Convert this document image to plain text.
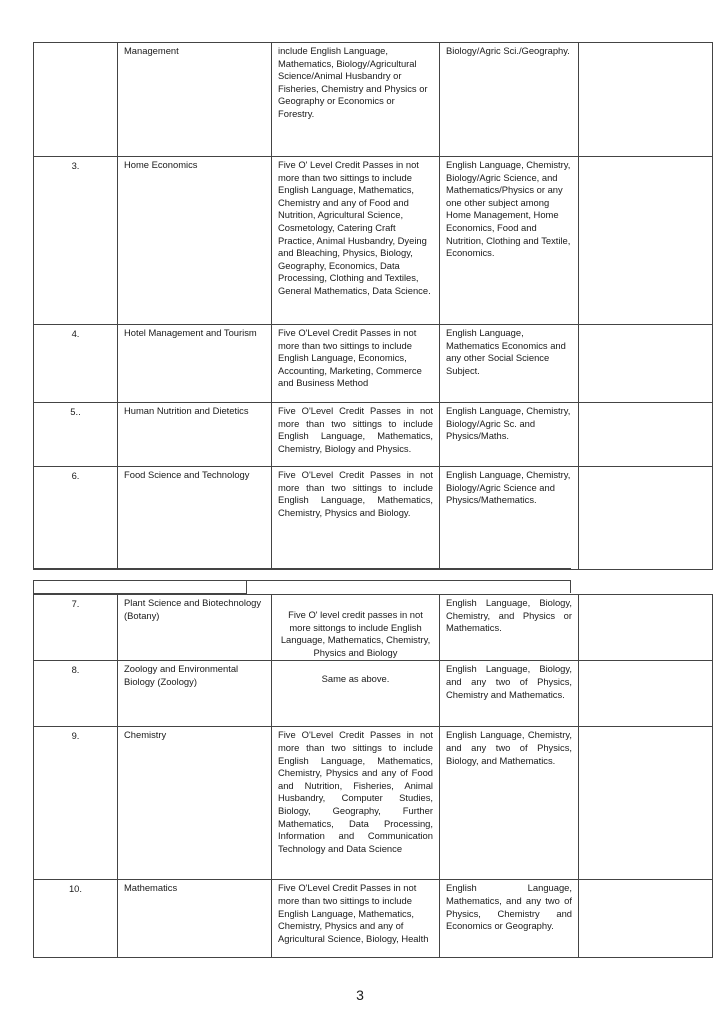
	Management	include English Language, Mathematics, Biology/Agricultural Science/Animal Husbandry or Fisheries, Chemistry and Physics or Geography or Economics or Forestry.	Biology/Agric Sci./Geography.	
3.	Home Economics	Five O' Level Credit Passes in not more than two sittings to include English Language, Mathematics, Chemistry and any of Food and Nutrition, Agricultural Science, Cosmetology, Catering Craft Practice, Animal Husbandry, Dyeing and Bleaching, Physics, Biology, Geography, Economics, Data Processing, Clothing and Textiles, General Mathematics, Data Science.	English Language, Chemistry, Biology/Agric Science, and Mathematics/Physics or any one other subject among Home Management, Home Economics, Food and Nutrition, Clothing and Textile, Economics.	
4.	Hotel Management and Tourism	Five O'Level Credit Passes in not more than two sittings to include English Language, Economics, Accounting, Marketing, Commerce and Business Method	English Language, Mathematics Economics and any other Social Science Subject.	
5..	Human Nutrition and Dietetics	Five O'Level Credit Passes in not more than two sittings to include English Language, Mathematics, Chemistry, Biology and Physics.	English Language, Chemistry, Biology/Agric Sc. and Physics/Maths.	
6.	Food Science and Technology	Five O'Level Credit Passes in not more than two sittings to include English Language, Mathematics, Chemistry, Physics and Biology.	English Language, Chemistry, Biology/Agric Science and Physics/Mathematics.	
7.	Plant Science and Biotechnology (Botany)	Five O' level credit passes in not more sittongs to include English Language, Mathematics, Chemistry, Physics and Biology	English Language, Biology, Chemistry, and Physics or Mathematics.	
8.	Zoology and Environmental Biology (Zoology)	Same as above.	English Language, Biology, and any two of Physics, Chemistry and Mathematics.	
9.	Chemistry	Five O'Level Credit Passes in not more than two sittings to include English Language, Mathematics, Chemistry, Physics and any of Food and Nutrition, Fisheries, Animal Husbandry, Computer Studies, Biology, Geography, Further Mathematics, Data Processing, Information and Communication Technology and Data Science	English Language, Chemistry, and any two of Physics, Biology, and Mathematics.	
10.	Mathematics	Five O'Level Credit Passes in not more than two sittings to include English Language, Mathematics, Chemistry, Physics and any of Agricultural Science, Biology, Health	English Language, Mathematics, and any two of Physics, Chemistry and Economics or Geography.	
3
